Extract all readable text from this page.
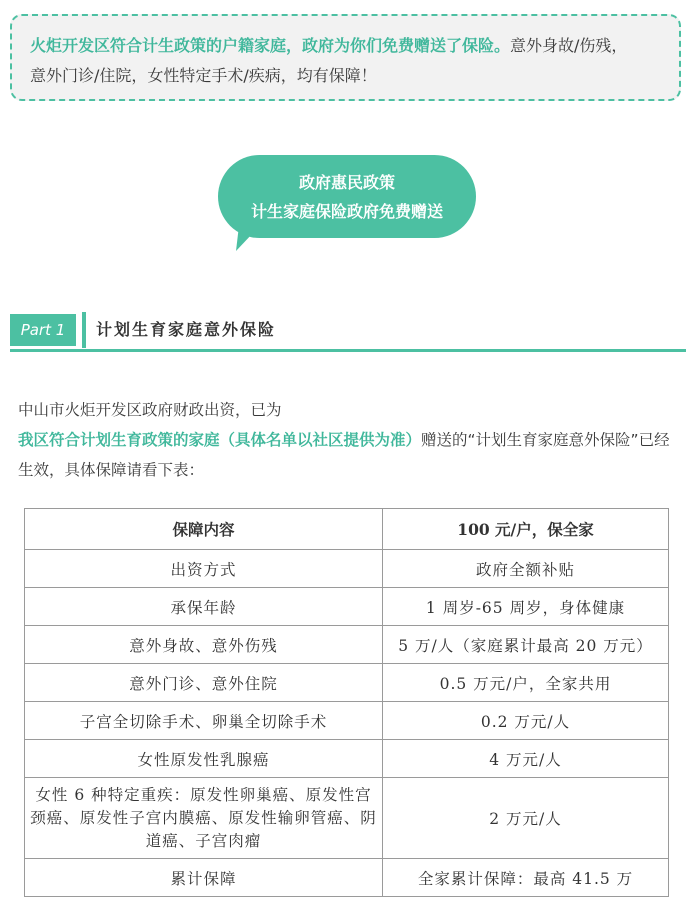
火炬开发区符合计生政策的户籍家庭，政府为你们免费赠送了保险。意外身故/伤残，
意外门诊/住院，女性特定手术/疾病，均有保障！
政府惠民政策
计生家庭保险政府免费赠送
Part 1	计划生育家庭意外保险
中山市火炬开发区政府财政出资，已为我区符合计划生育政策的家庭（具体名单以社区提供为准）赠送的“计划生育家庭意外保险”已经生效，具体保障请看下表：
保障内容	100 元/户，保全家
出资方式	政府全额补贴
承保年龄	1 周岁-65 周岁，身体健康
意外身故、意外伤残	5 万/人（家庭累计最高 20 万元）
意外门诊、意外住院	0.5 万元/户，全家共用
子宫全切除手术、卵巢全切除手术	0.2 万元/人
女性原发性乳腺癌	4 万元/人
女性 6 种特定重疾：原发性卵巢癌、原发性宫颈癌、原发性子宫内膜癌、原发性输卵管癌、阴道癌、子宫肉瘤	2 万元/人
累计保障	全家累计保障：最高 41.5 万
